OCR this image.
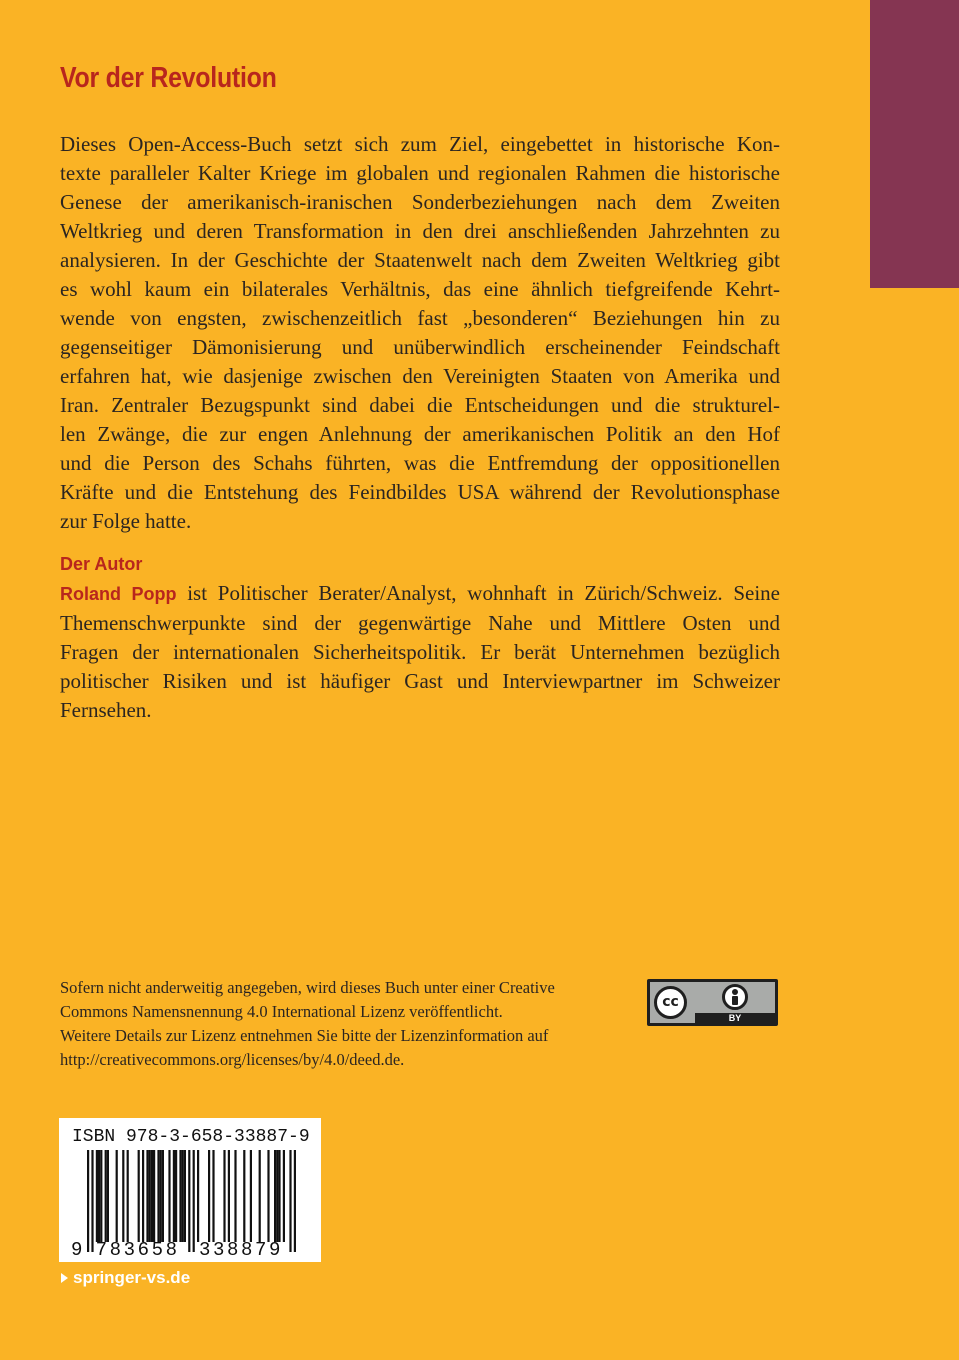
Vor der Revolution
Dieses Open-Access-Buch setzt sich zum Ziel, eingebettet in historische Kon-
texte paralleler Kalter Kriege im globalen und regionalen Rahmen die historische
Genese der amerikanisch-iranischen Sonderbeziehungen nach dem Zweiten
Weltkrieg und deren Transformation in den drei anschließenden Jahrzehnten zu
analysieren. In der Geschichte der Staatenwelt nach dem Zweiten Weltkrieg gibt
es wohl kaum ein bilaterales Verhältnis, das eine ähnlich tiefgreifende Kehrt-
wende von engsten, zwischenzeitlich fast „besonderen“ Beziehungen hin zu
gegenseitiger Dämonisierung und unüberwindlich erscheinender Feindschaft
erfahren hat, wie dasjenige zwischen den Vereinigten Staaten von Amerika und
Iran. Zentraler Bezugspunkt sind dabei die Entscheidungen und die strukturel-
len Zwänge, die zur engen Anlehnung der amerikanischen Politik an den Hof
und die Person des Schahs führten, was die Entfremdung der oppositionellen
Kräfte und die Entstehung des Feindbildes USA während der Revolutionsphase
zur Folge hatte.
Der Autor
Roland Popp ist Politischer Berater/Analyst, wohnhaft in Zürich/Schweiz. Seine
Themenschwerpunkte sind der gegenwärtige Nahe und Mittlere Osten und
Fragen der internationalen Sicherheitspolitik. Er berät Unternehmen bezüglich
politischer Risiken und ist häufiger Gast und Interviewpartner im Schweizer
Fernsehen.
Sofern nicht anderweitig angegeben, wird dieses Buch unter einer Creative
Commons Namensnennung 4.0 International Lizenz veröffentlicht.
Weitere Details zur Lizenz entnehmen Sie bitte der Lizenzinformation auf
http://creativecommons.org/licenses/by/4.0/deed.de.
cc
BY
ISBN 978-3-658-33887-9
9 783658 338879
springer-vs.de
